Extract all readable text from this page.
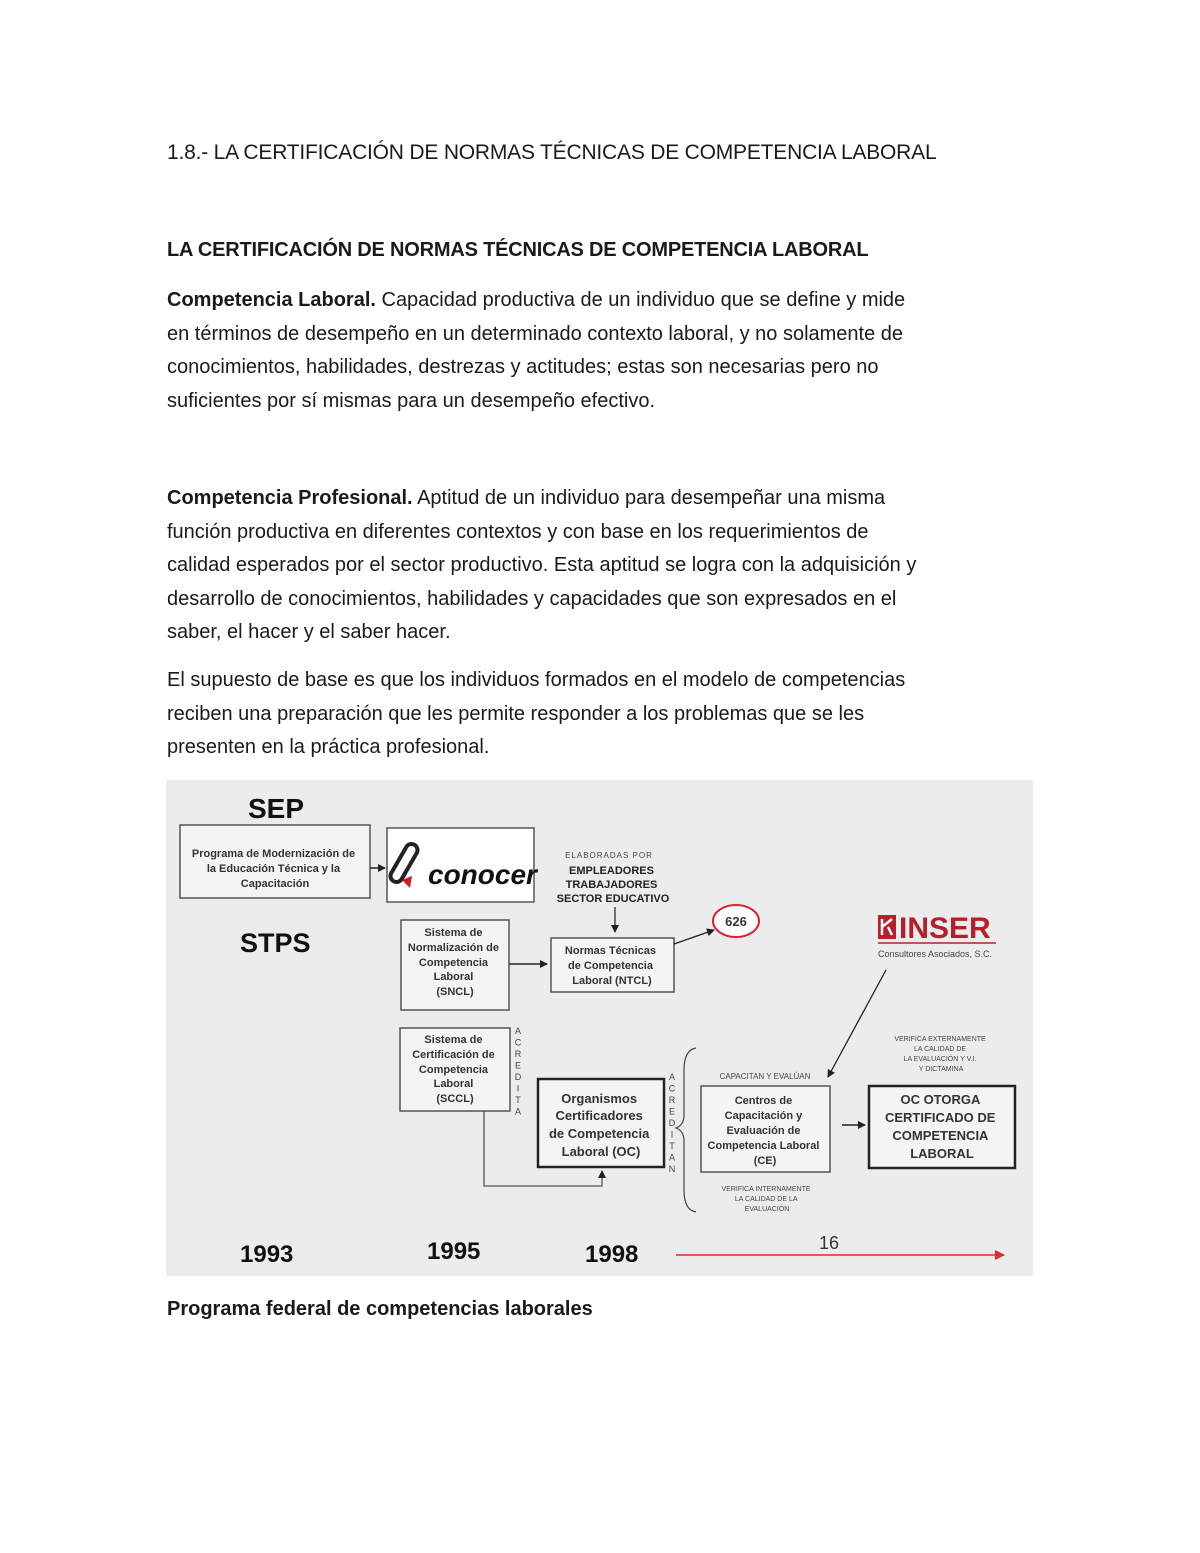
1.8.- LA CERTIFICACIÓN DE NORMAS TÉCNICAS DE COMPETENCIA LABORAL
LA CERTIFICACIÓN DE NORMAS TÉCNICAS DE COMPETENCIA LABORAL

Competencia Laboral. Capacidad productiva de un individuo que se define y mide
en términos de desempeño en un determinado contexto laboral, y no solamente de
conocimientos, habilidades, destrezas y actitudes; estas son necesarias pero no
suficientes por sí mismas para un desempeño efectivo.

Competencia Profesional. Aptitud de un individuo para desempeñar una misma
función productiva en diferentes contextos y con base en los requerimientos de
calidad esperados por el sector productivo. Esta aptitud se logra con la adquisición y
desarrollo de conocimientos, habilidades y capacidades que son expresados en el
saber, el hacer y el saber hacer.

El supuesto de base es que los individuos formados en el modelo de competencias
reciben una preparación que les permite responder a los problemas que se les
presenten en la práctica profesional.

SEP
STPS
Programa de Modernización de la Educación Técnica y la Capacitación	conocer
ELABORADAS POR
EMPLEADORES TRABAJADORES SECTOR EDUCATIVO
Sistema de Normalización de Competencia Laboral (SNCL)
Normas Técnicas de Competencia Laboral (NTCL)
626	INSER
Consultores Asociados, S.C.
Sistema de Certificación de Competencia Laboral (SCCL)
A C R E D I T A
Organismos Certificadores de Competencia Laboral (OC)
A C R E D I T A N
CAPACITAN Y EVALÚAN
Centros de Capacitación y Evaluación de Competencia Laboral (CE)
VERIFICA INTERNAMENTE LA CALIDAD DE LA EVALUACIÓN
VERIFICA EXTERNAMENTE LA CALIDAD DE LA EVALUACIÓN Y V.I. Y DICTAMINA
OC OTORGA CERTIFICADO DE COMPETENCIA LABORAL
1993	1995	1998	16

Programa federal de competencias laborales
